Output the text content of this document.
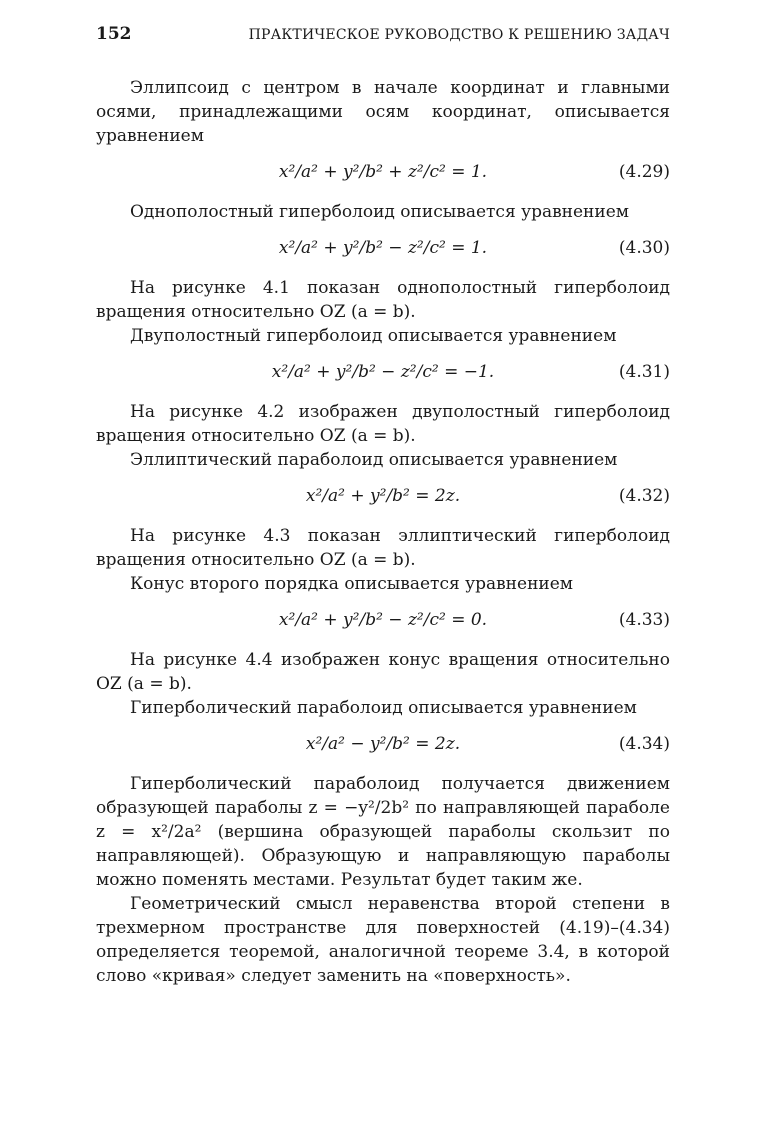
152	ПРАКТИЧЕСКОЕ РУКОВОДСТВО К РЕШЕНИЮ ЗАДАЧ

Эллипсоид с центром в начале координат и главными осями, принадлежащими осям координат, описывается уравнением

x²/a² + y²/b² + z²/c² = 1.	(4.29)

Однополостный гиперболоид описывается уравнением

x²/a² + y²/b² − z²/c² = 1.	(4.30)

На рисунке 4.1 показан однополостный гиперболоид вращения относительно OZ (a = b).

Двуполостный гиперболоид описывается уравнением

x²/a² + y²/b² − z²/c² = −1.	(4.31)

На рисунке 4.2 изображен двуполостный гиперболоид вращения относительно OZ (a = b).

Эллиптический параболоид описывается уравнением

x²/a² + y²/b² = 2z.	(4.32)

На рисунке 4.3 показан эллиптический гиперболоид вращения относительно OZ (a = b).

Конус второго порядка описывается уравнением

x²/a² + y²/b² − z²/c² = 0.	(4.33)

На рисунке 4.4 изображен конус вращения относительно OZ (a = b).

Гиперболический параболоид описывается уравнением

x²/a² − y²/b² = 2z.	(4.34)

Гиперболический параболоид получается движением образующей параболы z = −y²/2b² по направляющей параболе z = x²/2a² (вершина образующей параболы скользит по направляющей). Образующую и направляющую параболы можно поменять местами. Результат будет таким же.

Геометрический смысл неравенства второй степени в трехмерном пространстве для поверхностей (4.19)–(4.34) определяется теоремой, аналогичной теореме 3.4, в которой слово «кривая» следует заменить на «поверхность».
